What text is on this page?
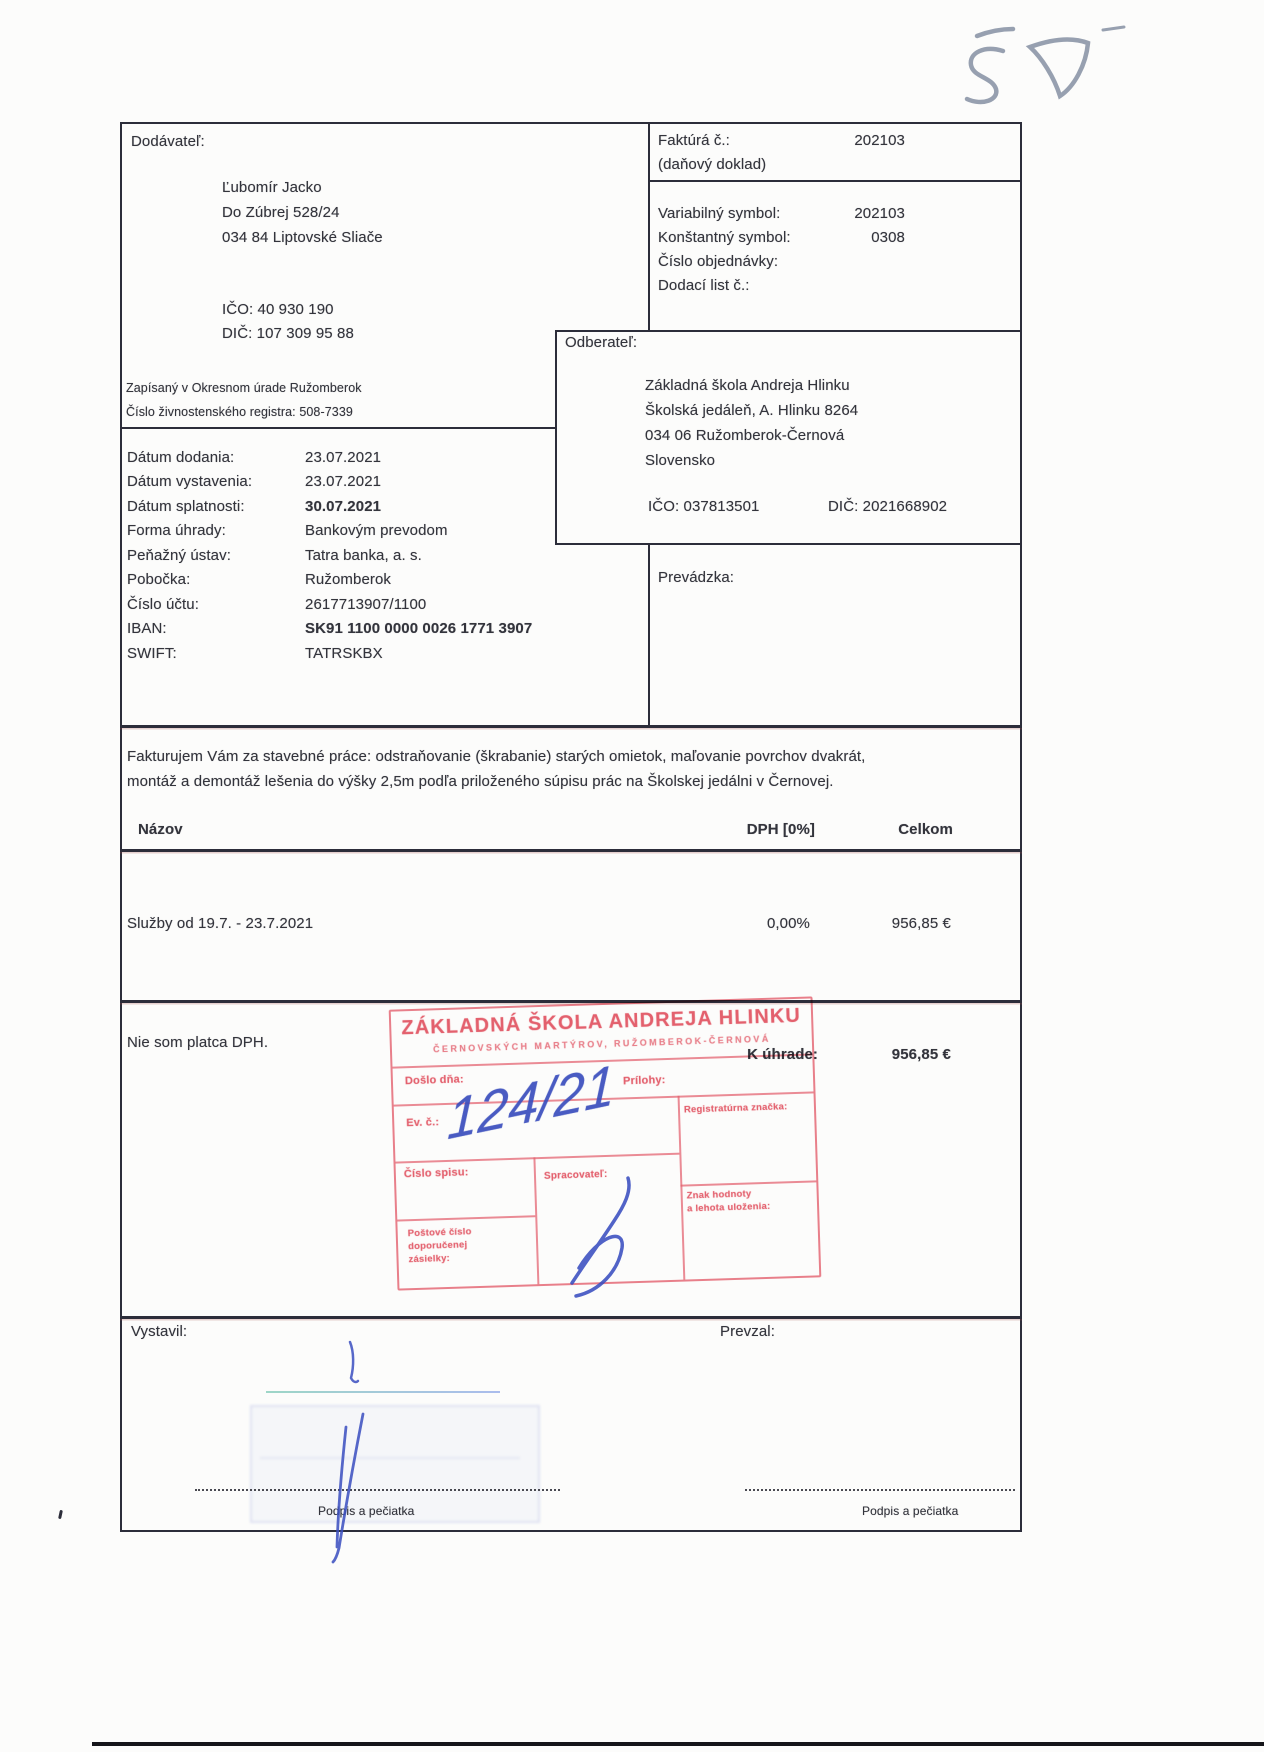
Dodávateľ:
Ľubomír Jacko
Do Zúbrej 528/24
034 84 Liptovské Sliače
IČO: 40 930 190
DIČ: 107 309 95 88
Zapísaný v Okresnom úrade Ružomberok
Číslo živnostenského registra: 508-7339
Faktúrá č.:	202103
(daňový doklad)
Variabilný symbol:	202103
Konštantný symbol:	0308
Číslo objednávky:
Dodací list č.:
Dátum dodania:	23.07.2021
Dátum vystavenia:	23.07.2021
Dátum splatnosti:	30.07.2021
Forma úhrady:	Bankovým prevodom
Peňažný ústav:	Tatra banka, a. s.
Pobočka:	Ružomberok
Číslo účtu:	2617713907/1100
IBAN:	SK91 1100 0000 0026 1771 3907
SWIFT:	TATRSKBX
Odberateľ:
Základná škola Andreja Hlinku
Školská jedáleň, A. Hlinku 8264
034 06 Ružomberok-Černová
Slovensko
IČO: 037813501	DIČ: 2021668902
Prevádzka:
Fakturujem Vám za stavebné práce: odstraňovanie (škrabanie) starých omietok, maľovanie povrchov dvakrát,
montáž a demontáž lešenia do výšky 2,5m podľa priloženého súpisu prác na Školskej jedálni v Černovej.
Názov	DPH [0%]	Celkom
Služby od 19.7. - 23.7.2021	0,00%	956,85 €
K úhrade:	956,85 €
Nie som platca DPH.
ZÁKLADNÁ ŠKOLA ANDREJA HLINKU
ČERNOVSKÝCH MARTÝROV, RUŽOMBEROK-ČERNOVÁ
Došlo dňa:	Prílohy:
Ev. č.:
Registratúrna značka:
Číslo spisu:	Spracovateľ:
Znak hodnoty
a lehota uloženia:
Poštové číslo
doporučenej
zásielky:
124/21
Vystavil:	Prevzal:
Podpis a pečiatka	Podpis a pečiatka
